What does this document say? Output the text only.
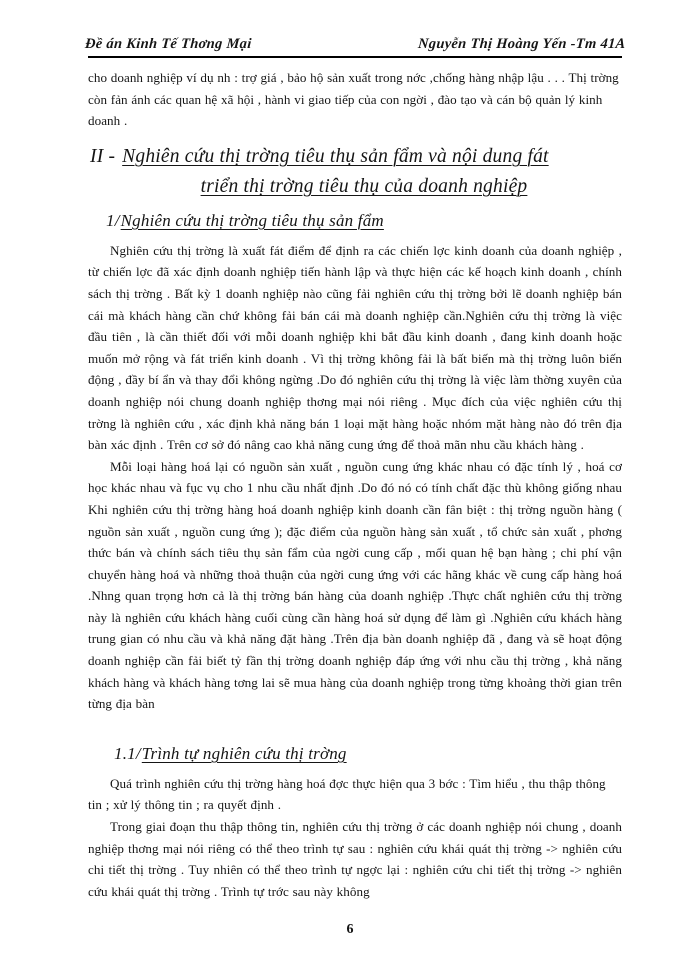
Đề án Kinh Tế Thơng Mại	Nguyễn Thị Hoàng Yến -Tm 41A

cho doanh nghiệp ví dụ nh : trợ giá , bảo hộ sản xuất trong nớc ,chống hàng nhập lậu . . . Thị trờng còn fản ánh các quan hệ xã hội , hành vi giao tiếp của con ngời , đào tạo và cán bộ quản lý kinh doanh .

II - Nghiên cứu thị trờng tiêu thụ sản fẩm và nội dung fát
triển thị trờng tiêu thụ của doanh nghiệp
1/Nghiên cứu thị trờng tiêu thụ sản fẩm

Nghiên cứu thị trờng là xuất fát điểm để định ra các chiến lợc kinh doanh của doanh nghiệp , từ chiến lợc đã xác định doanh nghiệp tiến hành lập và thực hiện các kế hoạch kinh doanh , chính sách thị trờng . Bất kỳ 1 doanh nghiệp nào cũng fải nghiên cứu thị trờng bởi lẽ doanh nghiệp bán cái mà khách hàng cần chứ không fải bán cái mà doanh nghiệp cần.Nghiên cứu thị trờng là việc đầu tiên , là cần thiết đối với mỗi doanh nghiệp khi bắt đầu kinh doanh , đang kinh doanh hoặc muốn mở rộng và fát triển kinh doanh . Vì thị trờng không fải là bất biến mà thị trờng luôn biến động , đầy bí ẩn và thay đổi không ngừng .Do đó nghiên cứu thị trờng là việc làm thờng xuyên của doanh nghiệp nói chung doanh nghiệp thơng mại nói riêng . Mục đích của việc nghiên cứu thị trờng là nghiên cứu , xác định khả năng bán 1 loại mặt hàng hoặc nhóm mặt hàng nào đó trên địa bàn xác định . Trên cơ sở đó nâng cao khả năng cung ứng để thoả mãn nhu cầu khách hàng .

Mỗi loại hàng hoá lại có nguồn sản xuất , nguồn cung ứng khác nhau có đặc tính lý , hoá cơ học khác nhau và fục vụ cho 1 nhu cầu nhất định .Do đó nó có tính chất đặc thù không giống nhau Khi nghiên cứu thị trờng hàng hoá doanh nghiệp kinh doanh cần fân biệt : thị trờng nguồn hàng ( nguồn sản xuất , nguồn cung ứng ); đặc điểm của nguồn hàng sản xuất , tổ chức sản xuất , phơng thức bán và chính sách tiêu thụ sản fẩm của ngời cung cấp , mối quan hệ bạn hàng ; chi phí vận chuyển hàng hoá và những thoả thuận của ngời cung ứng với các hãng khác về cung cấp hàng hoá .Nhng quan trọng hơn cả là thị trờng bán hàng của doanh nghiệp .Thực chất nghiên cứu thị trờng này là nghiên cứu khách hàng cuối cùng cần hàng hoá sử dụng để làm gì .Nghiên cứu khách hàng trung gian có nhu cầu và khả năng đặt hàng .Trên địa bàn doanh nghiệp đã , đang và sẽ hoạt động doanh nghiệp cần fải biết tỷ fần thị trờng doanh nghiệp đáp ứng với nhu cầu thị trờng , khả năng khách hàng và khách hàng tơng lai sẽ mua hàng của doanh nghiệp trong từng khoảng thời gian trên từng địa bàn

1.1/Trình tự nghiên cứu thị trờng

Quá trình nghiên cứu thị trờng hàng hoá đợc thực hiện qua 3 bớc : Tìm hiểu , thu thập thông tin ; xử lý thông tin ; ra quyết định .

Trong giai đoạn thu thập thông tin, nghiên cứu thị trờng ở các doanh nghiệp nói chung , doanh nghiệp thơng mại nói riêng có thể theo trình tự sau : nghiên cứu khái quát thị trờng -> nghiên cứu chi tiết thị trờng . Tuy nhiên có thể theo trình tự ngợc lại : nghiên cứu chi tiết thị trờng -> nghiên cứu khái quát thị trờng . Trình tự trớc sau này không

6
